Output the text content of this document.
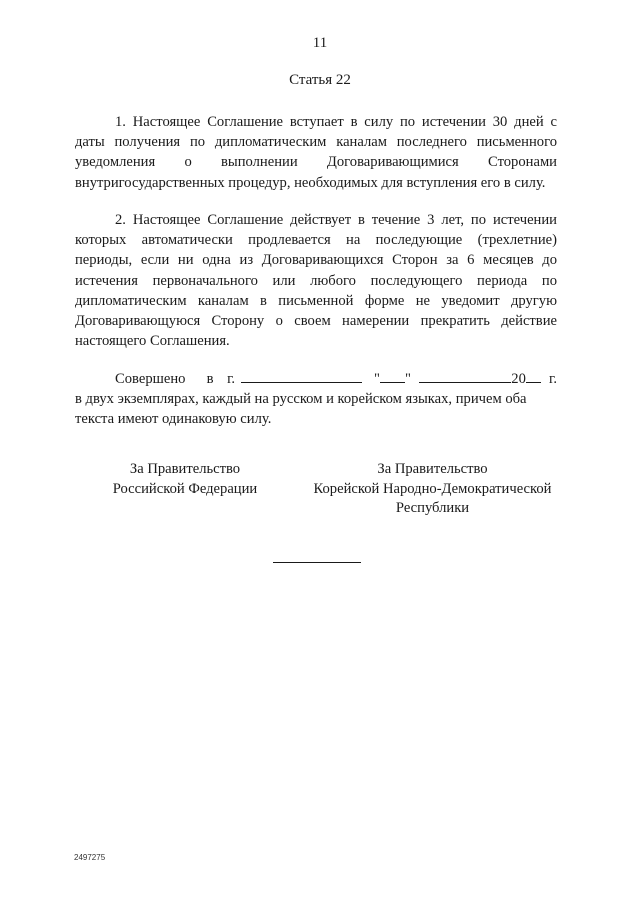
11
Статья 22

1. Настоящее Соглашение вступает в силу по истечении 30 дней с даты получения по дипломатическим каналам последнего письменного уведомления о выполнении Договаривающимися Сторонами внутригосударственных процедур, необходимых для вступления его в силу.

2. Настоящее Соглашение действует в течение 3 лет, по истечении которых автоматически продлевается на последующие (трехлетние) периоды, если ни одна из Договаривающихся Сторон за 6 месяцев до истечения первоначального или любого последующего периода по дипломатическим каналам в письменной форме не уведомит другую Договаривающуюся Сторону о своем намерении прекратить действие настоящего Соглашения.

Совершено в г.	" "	20 г.

в двух экземплярах, каждый на русском и корейском языках, причем оба текста имеют одинаковую силу.

За Правительство
Российской Федерации
За Правительство
Корейской Народно-Демократической
Республики
2497275
